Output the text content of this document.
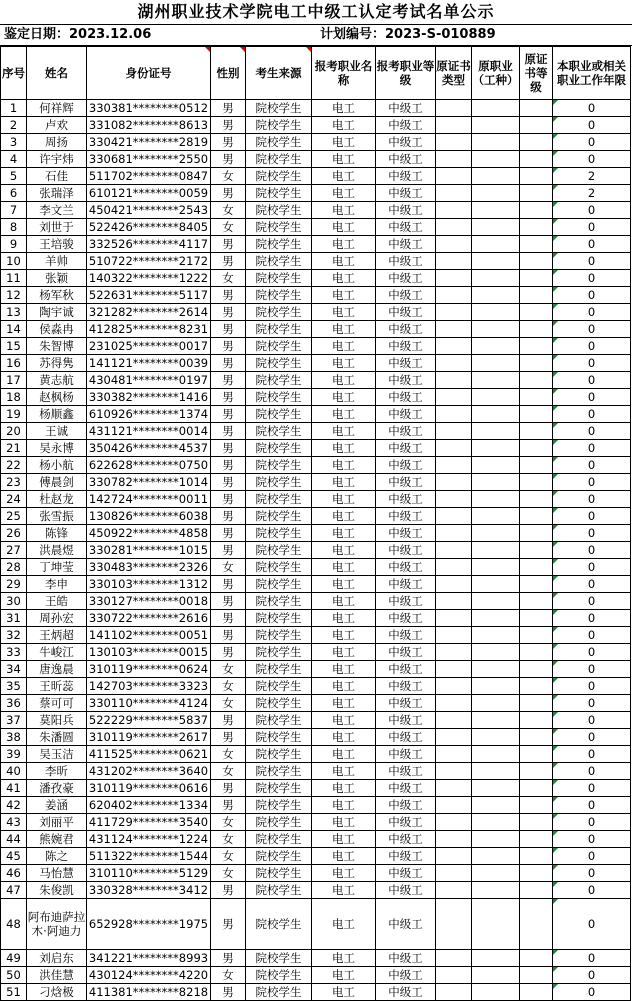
湖州职业技术学院电工中级工认定考试名单公示
鉴定日期：2023.12.06	计划编号：2023-S-010889
序号	姓名	身份证号	性别	考生来源	报考职业名称	报考职业等级	原证书类型	原职业（工种）	原证书等级	本职业或相关职业工作年限
1	何祥辉	330381********0512	男	院校学生	电工	中级工				0

2	卢欢	331082********8613	男	院校学生	电工	中级工				0

3	周扬	330421********2819	男	院校学生	电工	中级工				0

4	许宇炜	330681********2550	男	院校学生	电工	中级工				0

5	石佳	511702********0847	女	院校学生	电工	中级工				2

6	张瑞泽	610121********0059	男	院校学生	电工	中级工				2

7	李文兰	450421********2543	女	院校学生	电工	中级工				0

8	刘世于	522426********8405	女	院校学生	电工	中级工				0

9	王培骏	332526********4117	男	院校学生	电工	中级工				0

10	羊帅	510722********2172	男	院校学生	电工	中级工				0

11	张颖	140322********1222	女	院校学生	电工	中级工				0

12	杨军秋	522631********5117	男	院校学生	电工	中级工				0

13	陶宇诚	321282********2614	男	院校学生	电工	中级工				0

14	侯淼冉	412825********8231	男	院校学生	电工	中级工				0

15	朱智博	231025********0017	男	院校学生	电工	中级工				0

16	苏得隽	141121********0039	男	院校学生	电工	中级工				0

17	黄志航	430481********0197	男	院校学生	电工	中级工				0

18	赵枫杨	330382********1416	男	院校学生	电工	中级工				0

19	杨顺鑫	610926********1374	男	院校学生	电工	中级工				0

20	王诚	431121********0014	男	院校学生	电工	中级工				0

21	吴永博	350426********4537	男	院校学生	电工	中级工				0

22	杨小航	622628********0750	男	院校学生	电工	中级工				0

23	傅晨剑	330782********1014	男	院校学生	电工	中级工				0

24	杜赵龙	142724********0011	男	院校学生	电工	中级工				0

25	张雪振	130826********6038	男	院校学生	电工	中级工				0

26	陈锋	450922********4858	男	院校学生	电工	中级工				0

27	洪晨煜	330281********1015	男	院校学生	电工	中级工				0

28	丁坤莹	330483********2326	女	院校学生	电工	中级工				0

29	李申	330103********1312	男	院校学生	电工	中级工				0

30	王皓	330127********0018	男	院校学生	电工	中级工				0

31	周孙宏	330722********2616	男	院校学生	电工	中级工				0

32	王炳超	141102********0051	男	院校学生	电工	中级工				0

33	牛峻江	130103********0015	男	院校学生	电工	中级工				0

34	唐逸晨	310119********0624	女	院校学生	电工	中级工				0

35	王昕蕊	142703********3323	女	院校学生	电工	中级工				0

36	蔡可可	330110********4124	女	院校学生	电工	中级工				0

37	莫阳兵	522229********5837	男	院校学生	电工	中级工				0

38	朱潘圆	310119********2617	男	院校学生	电工	中级工				0

39	吴玉洁	411525********0621	女	院校学生	电工	中级工				0

40	李昕	431202********3640	女	院校学生	电工	中级工				0

41	潘孜豪	310119********0616	男	院校学生	电工	中级工				0

42	姜涵	620402********1334	男	院校学生	电工	中级工				0

43	刘丽平	411729********3540	女	院校学生	电工	中级工				0

44	熊婉君	431124********1224	女	院校学生	电工	中级工				0

45	陈之	511322********1544	女	院校学生	电工	中级工				0

46	马怡慧	310110********5129	女	院校学生	电工	中级工				0

47	朱俊凯	330328********3412	男	院校学生	电工	中级工				0

48	阿布迪萨拉木·阿迪力	652928********1975	男	院校学生	电工	中级工				0

49	刘启东	341221********8993	男	院校学生	电工	中级工				0

50	洪佳慧	430124********4220	女	院校学生	电工	中级工				0

51	刁焓极	411381********8218	男	院校学生	电工	中级工				0
